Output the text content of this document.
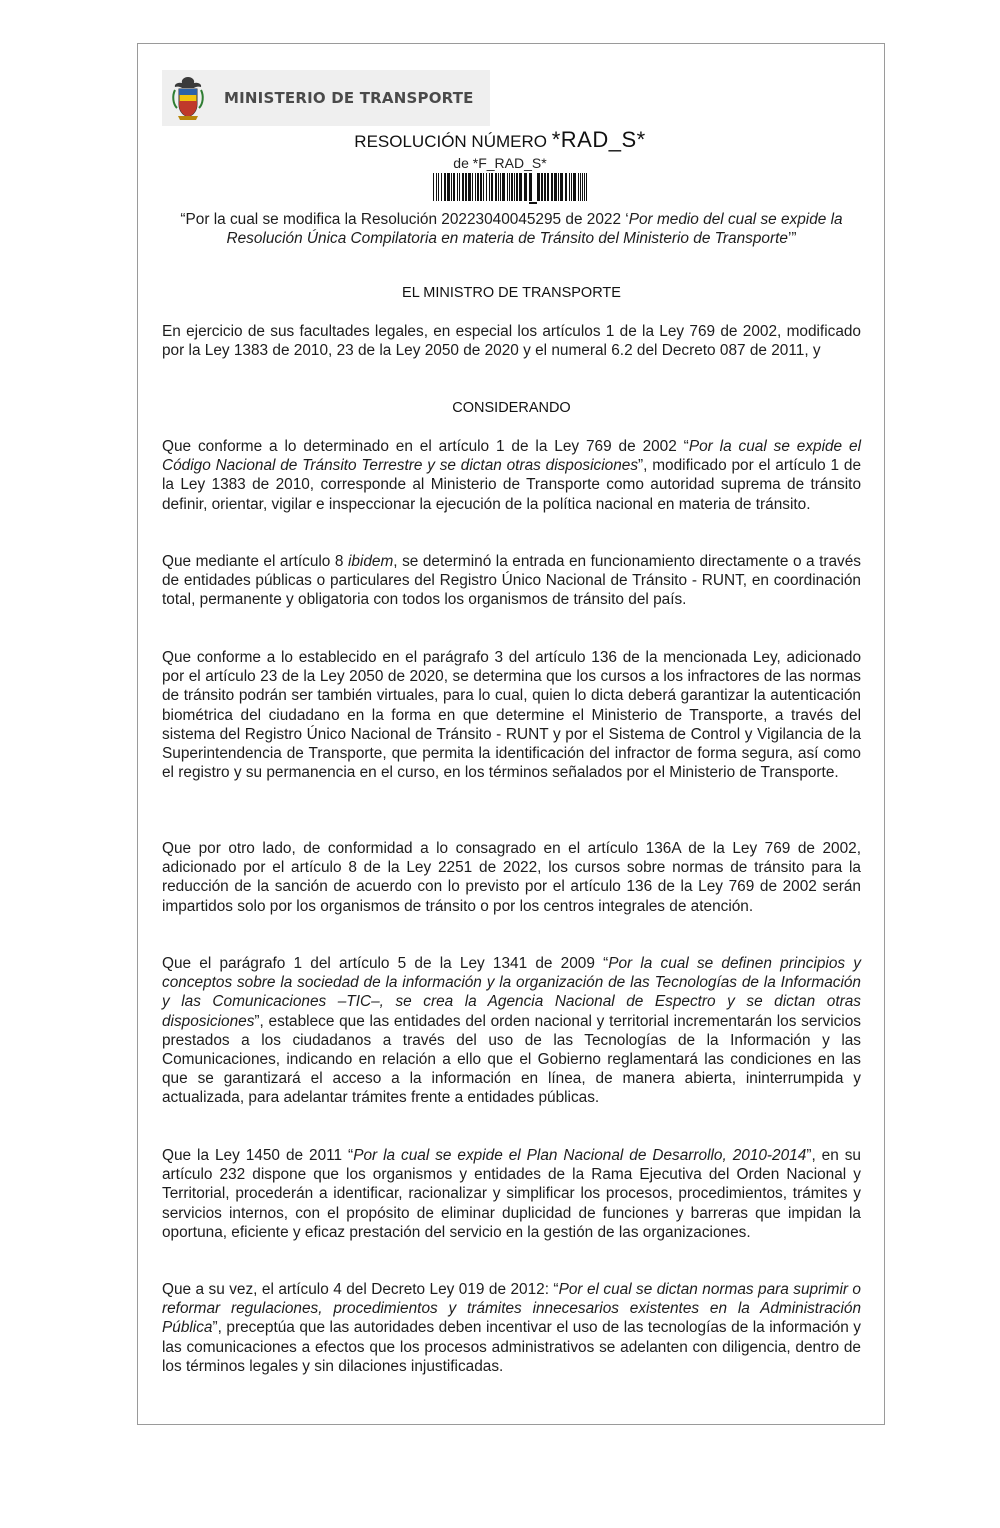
MINISTERIO DE TRANSPORTE
RESOLUCIÓN NÚMERO *RAD_S*
de *F_RAD_S*
“Por la cual se modifica la Resolución 20223040045295 de 2022 ‘Por medio del cual se expide la Resolución Única Compilatoria en materia de Tránsito del Ministerio de Transporte’”
EL MINISTRO DE TRANSPORTE
En ejercicio de sus facultades legales, en especial los artículos 1 de la Ley 769 de 2002, modificado por la Ley 1383 de 2010, 23 de la Ley 2050 de 2020 y el numeral 6.2 del Decreto 087 de 2011, y
CONSIDERANDO
Que conforme a lo determinado en el artículo 1 de la Ley 769 de 2002 “Por la cual se expide el Código Nacional de Tránsito Terrestre y se dictan otras disposiciones”, modificado por el artículo 1 de la Ley 1383 de 2010, corresponde al Ministerio de Transporte como autoridad suprema de tránsito definir, orientar, vigilar e inspeccionar la ejecución de la política nacional en materia de tránsito.
Que mediante el artículo 8 ibidem, se determinó la entrada en funcionamiento directamente o a través de entidades públicas o particulares del Registro Único Nacional de Tránsito - RUNT, en coordinación total, permanente y obligatoria con todos los organismos de tránsito del país.
Que conforme a lo establecido en el parágrafo 3 del artículo 136 de la mencionada Ley, adicionado por el artículo 23 de la Ley 2050 de 2020, se determina que los cursos a los infractores de las normas de tránsito podrán ser también virtuales, para lo cual, quien lo dicta deberá garantizar la autenticación biométrica del ciudadano en la forma en que determine el Ministerio de Transporte, a través del sistema del Registro Único Nacional de Tránsito - RUNT y por el Sistema de Control y Vigilancia de la Superintendencia de Transporte, que permita la identificación del infractor de forma segura, así como el registro y su permanencia en el curso, en los términos señalados por el Ministerio de Transporte.
Que por otro lado, de conformidad a lo consagrado en el artículo 136A de la Ley 769 de 2002, adicionado por el artículo 8 de la Ley 2251 de 2022, los cursos sobre normas de tránsito para la reducción de la sanción de acuerdo con lo previsto por el artículo 136 de la Ley 769 de 2002 serán impartidos solo por los organismos de tránsito o por los centros integrales de atención.
Que el parágrafo 1 del artículo 5 de la Ley 1341 de 2009 “Por la cual se definen principios y conceptos sobre la sociedad de la información y la organización de las Tecnologías de la Información y las Comunicaciones –TIC–, se crea la Agencia Nacional de Espectro y se dictan otras disposiciones”, establece que las entidades del orden nacional y territorial incrementarán los servicios prestados a los ciudadanos a través del uso de las Tecnologías de la Información y las Comunicaciones, indicando en relación a ello que el Gobierno reglamentará las condiciones en las que se garantizará el acceso a la información en línea, de manera abierta, ininterrumpida y actualizada, para adelantar trámites frente a entidades públicas.
Que la Ley 1450 de 2011 “Por la cual se expide el Plan Nacional de Desarrollo, 2010-2014”, en su artículo 232 dispone que los organismos y entidades de la Rama Ejecutiva del Orden Nacional y Territorial, procederán a identificar, racionalizar y simplificar los procesos, procedimientos, trámites y servicios internos, con el propósito de eliminar duplicidad de funciones y barreras que impidan la oportuna, eficiente y eficaz prestación del servicio en la gestión de las organizaciones.
Que a su vez, el artículo 4 del Decreto Ley 019 de 2012: “Por el cual se dictan normas para suprimir o reformar regulaciones, procedimientos y trámites innecesarios existentes en la Administración Pública”, preceptúa que las autoridades deben incentivar el uso de las tecnologías de la información y las comunicaciones a efectos que los procesos administrativos se adelanten con diligencia, dentro de los términos legales y sin dilaciones injustificadas.
